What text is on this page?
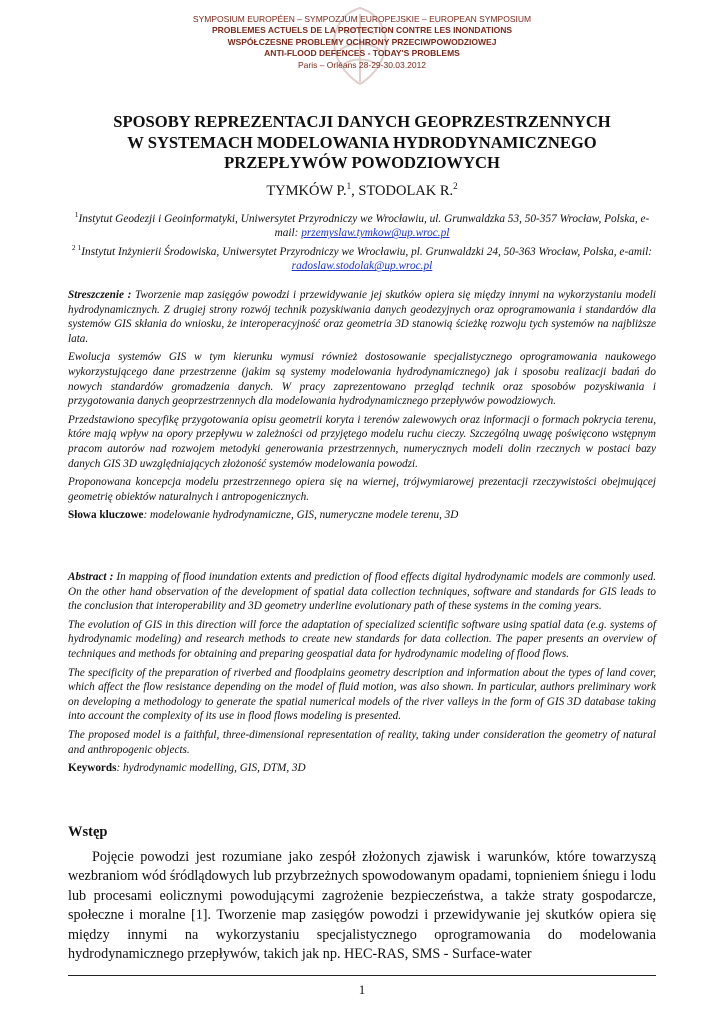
SYMPOSIUM EUROPÉEN – SYMPOZJUM EUROPEJSKIE – EUROPEAN SYMPOSIUM
PROBLEMES ACTUELS DE LA PROTECTION CONTRE LES INONDATIONS
WSPÓŁCZESNE PROBLEMY OCHRONY PRZECIWPOWODZIOWEJ
ANTI-FLOOD DEFENCES - TODAY'S PROBLEMS
Paris – Orléans 28-29-30.03.2012
SPOSOBY REPREZENTACJI DANYCH GEOPRZESTRZENNYCH
W SYSTEMACH MODELOWANIA HYDRODYNAMICZNEGO
PRZEPŁYWÓW POWODZIOWYCH
TYMKÓW P.$^1$, STODOLAK R.$^2$
$^1$Instytut Geodezji i Geoinformatyki, Uniwersytet Przyrodniczy we Wrocławiu, ul. Grunwaldzka 53, 50-357 Wrocław, Polska, e-mail: przemyslaw.tymkow@up.wroc.pl
$^{2 1}$Instytut Inżynierii Środowiska, Uniwersytet Przyrodniczy we Wrocławiu, pl. Grunwaldzki 24, 50-363 Wrocław, Polska, e-amil: radoslaw.stodolak@up.wroc.pl

Streszczenie : Tworzenie map zasięgów powodzi i przewidywanie jej skutków opiera się między innymi na wykorzystaniu modeli hydrodynamicznych. Z drugiej strony rozwój technik pozyskiwania danych geodezyjnych oraz oprogramowania i standardów dla systemów GIS skłania do wniosku, że interoperacyjność oraz geometria 3D stanowią ścieżkę rozwoju tych systemów na najbliższe lata.

Ewolucja systemów GIS w tym kierunku wymusi również dostosowanie specjalistycznego oprogramowania naukowego wykorzystującego dane przestrzenne (jakim są systemy modelowania hydrodynamicznego) jak i sposobu realizacji badań do nowych standardów gromadzenia danych. W pracy zaprezentowano przegląd technik oraz sposobów pozyskiwania i przygotowania danych geoprzestrzennych dla modelowania hydrodynamicznego przepływów powodziowych.

Przedstawiono specyfikę przygotowania opisu geometrii koryta i terenów zalewowych oraz informacji o formach pokrycia terenu, które mają wpływ na opory przepływu w zależności od przyjętego modelu ruchu cieczy. Szczególną uwagę poświęcono wstępnym pracom autorów nad rozwojem metodyki generowania przestrzennych, numerycznych modeli dolin rzecznych w postaci bazy danych GIS 3D uwzględniających złożoność systemów modelowania powodzi.

Proponowana koncepcja modelu przestrzennego opiera się na wiernej, trójwymiarowej prezentacji rzeczywistości obejmującej geometrię obiektów naturalnych i antropogenicznych.

Słowa kluczowe: modelowanie hydrodynamiczne, GIS, numeryczne modele terenu, 3D

Abstract : In mapping of flood inundation extents and prediction of flood effects digital hydrodynamic models are commonly used. On the other hand observation of the development of spatial data collection techniques, software and standards for GIS leads to the conclusion that interoperability and 3D geometry underline evolutionary path of these systems in the coming years.

The evolution of GIS in this direction will force the adaptation of specialized scientific software using spatial data (e.g. systems of hydrodynamic modeling) and research methods to create new standards for data collection. The paper presents an overview of techniques and methods for obtaining and preparing geospatial data for hydrodynamic modeling of flood flows.

The specificity of the preparation of riverbed and floodplains geometry description and information about the types of land cover, which affect the flow resistance depending on the model of fluid motion, was also shown. In particular, authors preliminary work on developing a methodology to generate the spatial numerical models of the river valleys in the form of GIS 3D database taking into account the complexity of its use in flood flows modeling is presented.

The proposed model is a faithful, three-dimensional representation of reality, taking under consideration the geometry of natural and anthropogenic objects.

Keywords: hydrodynamic modelling, GIS, DTM, 3D

Wstęp
Pojęcie powodzi jest rozumiane jako zespół złożonych zjawisk i warunków, które towarzyszą wezbraniom wód śródlądowych lub przybrzeżnych spowodowanym opadami, topnieniem śniegu i lodu lub procesami eolicznymi powodującymi zagrożenie bezpieczeństwa, a także straty gospodarcze, społeczne i moralne [1]. Tworzenie map zasięgów powodzi i przewidywanie jej skutków opiera się między innymi na wykorzystaniu specjalistycznego oprogramowania do modelowania hydrodynamicznego przepływów, takich jak np. HEC-RAS, SMS - Surface-water
1
